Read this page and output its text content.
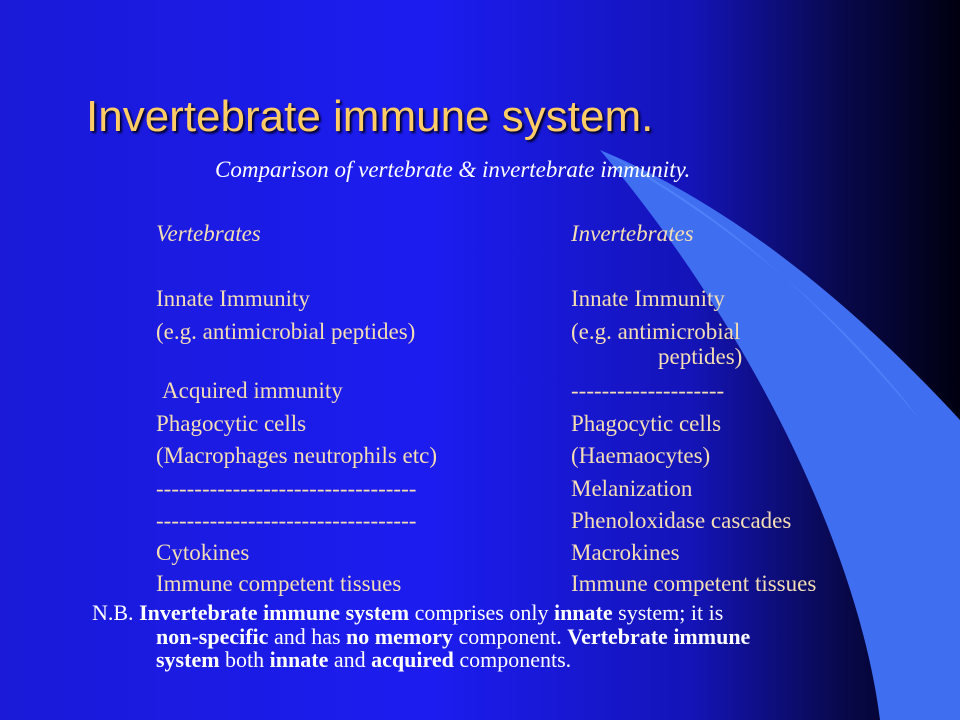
Invertebrate immune system.
Comparison of vertebrate & invertebrate immunity.
Vertebrates	Invertebrates
Innate Immunity	Innate Immunity
(e.g. antimicrobial peptides)	(e.g. antimicrobial
peptides)
Acquired immunity	--------------------
Phagocytic cells	Phagocytic cells
(Macrophages neutrophils etc)	(Haemaocytes)
----------------------------------	Melanization
----------------------------------	Phenoloxidase cascades
Cytokines	Macrokines
Immune competent tissues	Immune competent tissues
N.B. Invertebrate immune system comprises only innate system; it is
non-specific and has no memory component. Vertebrate immune
system both innate and acquired components.
